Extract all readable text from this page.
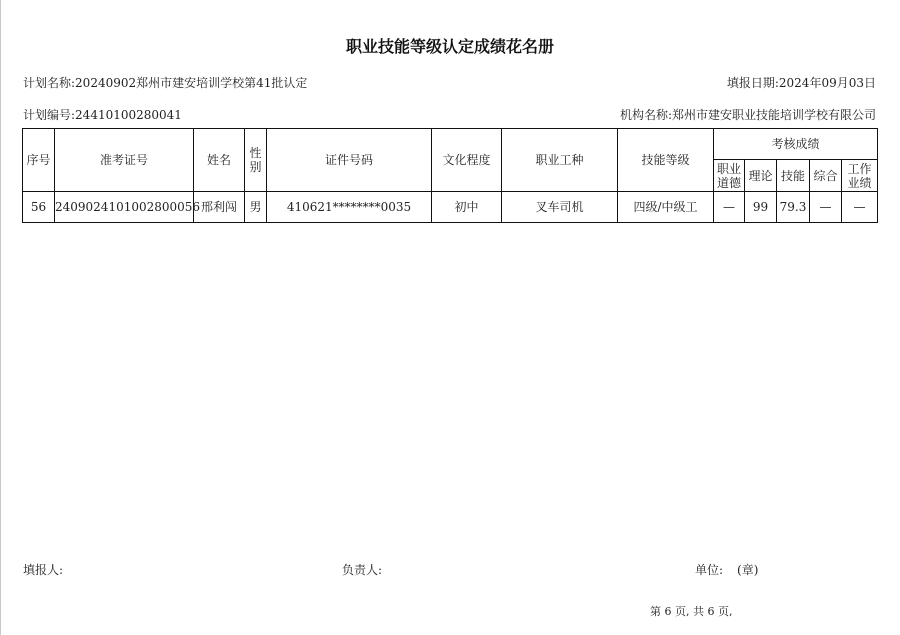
职业技能等级认定成绩花名册
计划名称:20240902郑州市建安培训学校第41批认定	填报日期:2024年09月03日
计划编号:24410100280041	机构名称:郑州市建安职业技能培训学校有限公司
序号	准考证号	姓名	性别	证件号码	文化程度	职业工种	技能等级	考核成绩				
								职业道德	理论	技能	综合	工作业绩
56	2409024101002800056	邢利闯	男	410621********0035	初中	叉车司机	四级/中级工	—	99	79.3	—	—
填报人:	负责人:	单位: (章)
第 6 页, 共 6 页,
